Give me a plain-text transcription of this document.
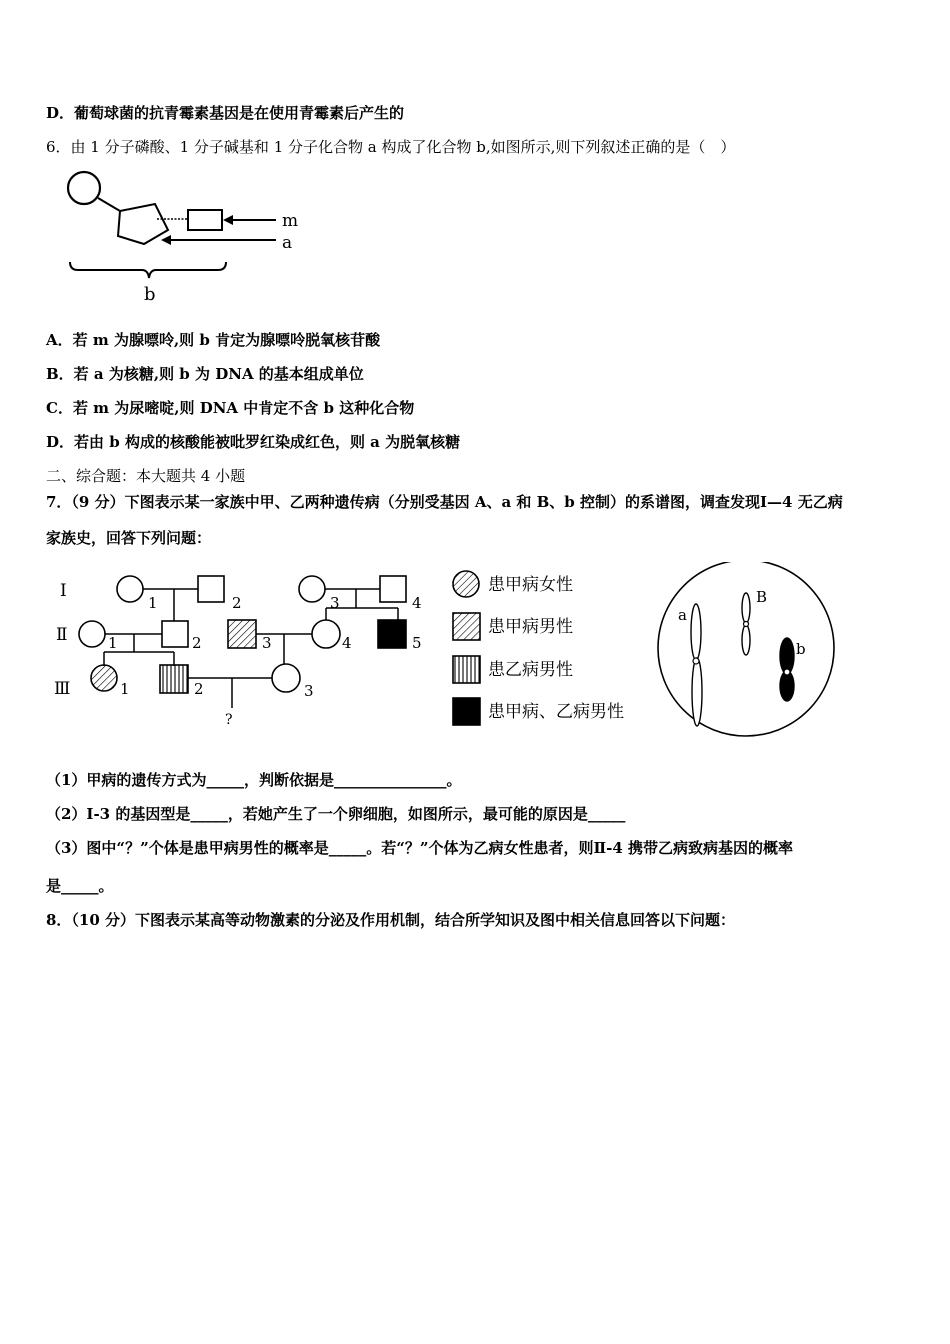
D．葡萄球菌的抗青霉素基因是在使用青霉素后产生的
6．由 1 分子磷酸、1 分子碱基和 1 分子化合物 a 构成了化合物 b,如图所示,则下列叙述正确的是（　）
m
a
b
A．若 m 为腺嘌呤,则 b 肯定为腺嘌呤脱氧核苷酸
B．若 a 为核糖,则 b 为 DNA 的基本组成单位
C．若 m 为尿嘧啶,则 DNA 中肯定不含 b 这种化合物
D．若由 b 构成的核酸能被吡罗红染成红色，则 a 为脱氧核糖
二、综合题：本大题共 4 小题
7．（9 分）下图表示某一家族中甲、乙两种遗传病（分别受基因 A、a 和 B、b 控制）的系谱图，调查发现Ⅰ—4 无乙病
家族史，回答下列问题：
Ⅰ
Ⅱ
Ⅲ
1	2	3	4
1	2	3	4	5
1	2	3
?
患甲病女性
患甲病男性
患乙病男性
患甲病、乙病男性
a
B
b
（1）甲病的遗传方式为_____，判断依据是_______________。
（2）Ⅰ-3 的基因型是_____，若她产生了一个卵细胞，如图所示，最可能的原因是_____
（3）图中“？”个体是患甲病男性的概率是_____。若“？”个体为乙病女性患者，则Ⅱ-4 携带乙病致病基因的概率
是_____。
8．（10 分）下图表示某高等动物激素的分泌及作用机制，结合所学知识及图中相关信息回答以下问题：
